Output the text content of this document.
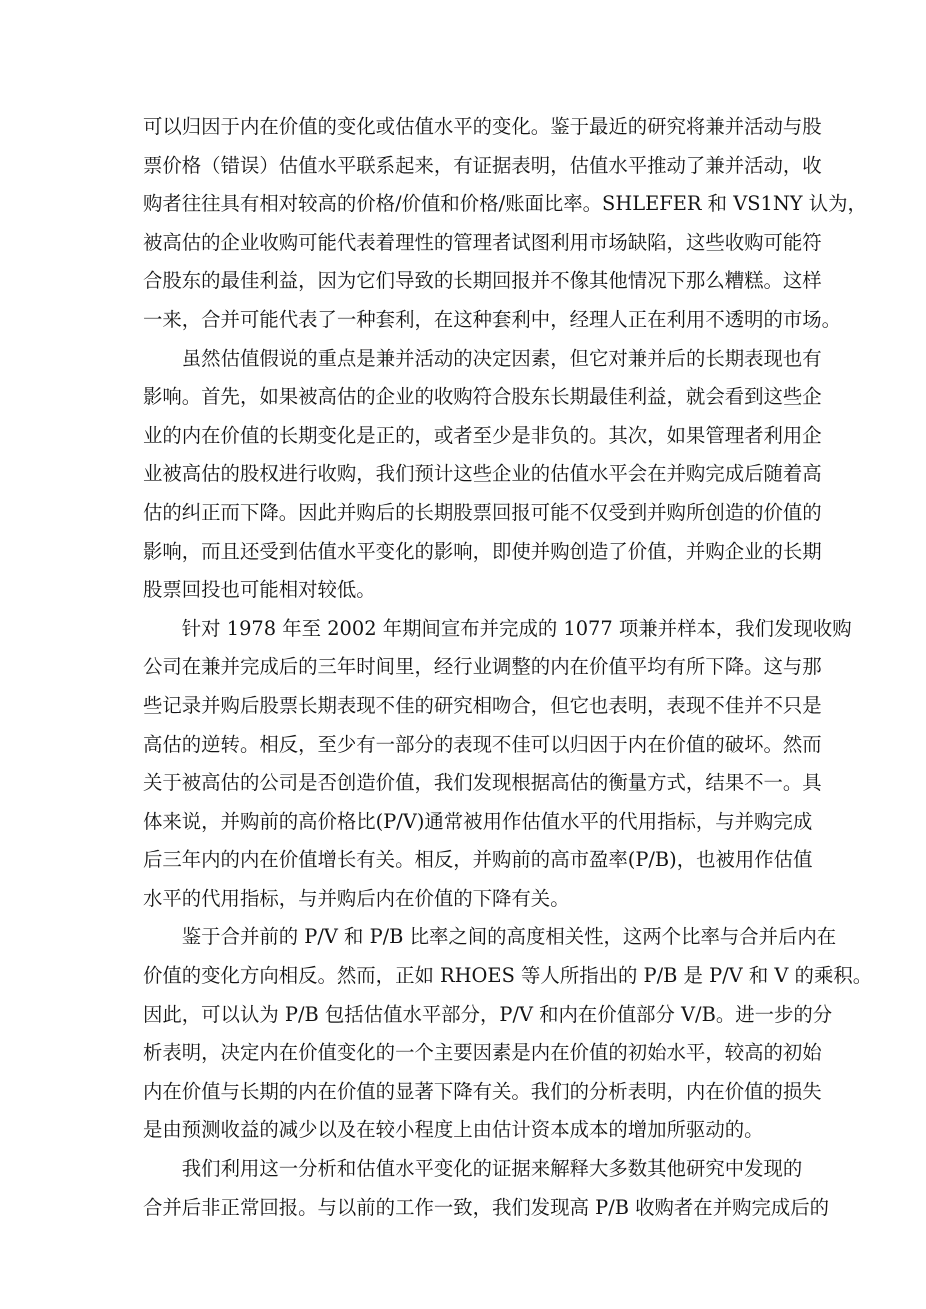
可以归因于内在价值的变化或估值水平的变化。鉴于最近的研究将兼并活动与股
票价格（错误）估值水平联系起来，有证据表明，估值水平推动了兼并活动，收
购者往往具有相对较高的价格/价值和价格/账面比率。SHLEFER 和 VS1NY 认为，
被高估的企业收购可能代表着理性的管理者试图利用市场缺陷，这些收购可能符
合股东的最佳利益，因为它们导致的长期回报并不像其他情况下那么糟糕。这样
一来，合并可能代表了一种套利，在这种套利中，经理人正在利用不透明的市场。
虽然估值假说的重点是兼并活动的决定因素，但它对兼并后的长期表现也有
影响。首先，如果被高估的企业的收购符合股东长期最佳利益，就会看到这些企
业的内在价值的长期变化是正的，或者至少是非负的。其次，如果管理者利用企
业被高估的股权进行收购，我们预计这些企业的估值水平会在并购完成后随着高
估的纠正而下降。因此并购后的长期股票回报可能不仅受到并购所创造的价值的
影响，而且还受到估值水平变化的影响，即使并购创造了价值，并购企业的长期
股票回投也可能相对较低。
针对 1978 年至 2002 年期间宣布并完成的 1077 项兼并样本，我们发现收购
公司在兼并完成后的三年时间里，经行业调整的内在价值平均有所下降。这与那
些记录并购后股票长期表现不佳的研究相吻合，但它也表明，表现不佳并不只是
高估的逆转。相反，至少有一部分的表现不佳可以归因于内在价值的破坏。然而
关于被高估的公司是否创造价值，我们发现根据高估的衡量方式，结果不一。具
体来说，并购前的高价格比(P/V)通常被用作估值水平的代用指标，与并购完成
后三年内的内在价值增长有关。相反，并购前的高市盈率(P/B)，也被用作估值
水平的代用指标，与并购后内在价值的下降有关。
鉴于合并前的 P/V 和 P/B 比率之间的高度相关性，这两个比率与合并后内在
价值的变化方向相反。然而，正如 RHOES 等人所指出的 P/B 是 P/V 和 V 的乘积。
因此，可以认为 P/B 包括估值水平部分，P/V 和内在价值部分 V/B。进一步的分
析表明，决定内在价值变化的一个主要因素是内在价值的初始水平，较高的初始
内在价值与长期的内在价值的显著下降有关。我们的分析表明，内在价值的损失
是由预测收益的减少以及在较小程度上由估计资本成本的增加所驱动的。
我们利用这一分析和估值水平变化的证据来解释大多数其他研究中发现的
合并后非正常回报。与以前的工作一致，我们发现高 P/B 收购者在并购完成后的
